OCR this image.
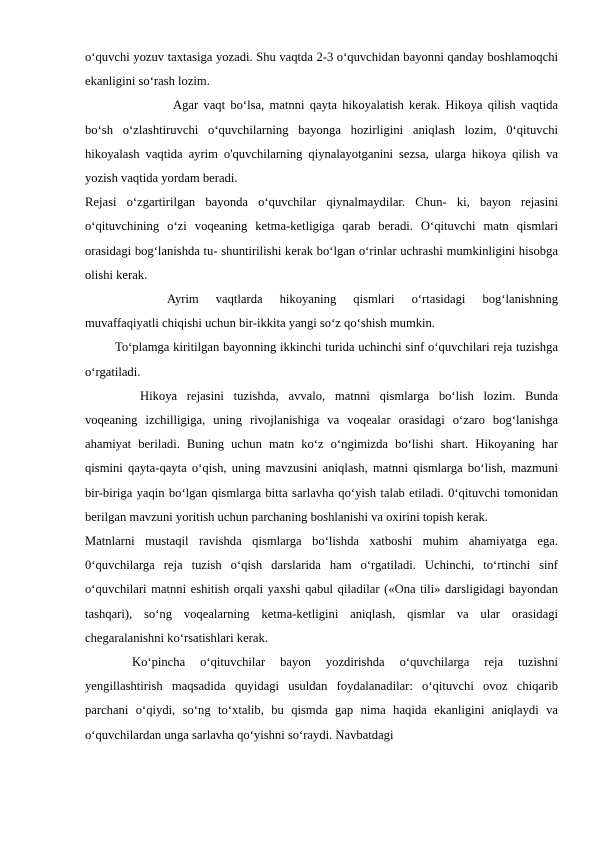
o‘quvchi yozuv taxtasiga yozadi. Shu vaqtda 2-3 o‘quvchidan bayonni qanday boshlamoqchi ekanligini so‘rash lozim.

Agar vaqt bo‘lsa, matnni qayta hikoyalatish kerak. Hikoya qilish vaqtida bo‘sh o‘zlashtiruvchi o‘quvchilarning bayonga hozirligini aniqlash lozim, 0‘qituvchi hikoyalash vaqtida ayrim o'quvchilarning qiynalayotganini sezsa, ularga hikoya qilish va yozish vaqtida yordam beradi.

Rejasi o‘zgartirilgan bayonda o‘quvchilar qiynalmaydilar. Chun- ki, bayon rejasini o‘qituvchining o‘zi voqeaning ketma-ketligiga qarab beradi. O‘qituvchi matn qismlari orasidagi bog‘lanishda tu- shuntirilishi kerak bo‘lgan o‘rinlar uchrashi mumkinligini hisobga olishi kerak.

Ayrim vaqtlarda hikoyaning qismlari o‘rtasidagi bog‘lanishning muvaffaqiyatli chiqishi uchun bir-ikkita yangi so‘z qo‘shish mumkin.

To‘plamga kiritilgan bayonning ikkinchi turida uchinchi sinf o‘quvchilari reja tuzishga o‘rgatiladi.

Hikoya rejasini tuzishda, avvalo, matnni qismlarga bo‘lish lozim. Bunda voqeaning izchilligiga, uning rivojlanishiga va voqealar orasidagi o‘zaro bog‘lanishga ahamiyat beriladi. Buning uchun matn ko‘z o‘ngimizda bo‘lishi shart. Hikoyaning har qismini qayta-qayta o‘qish, uning mavzusini aniqlash, matnni qismlarga bo‘lish, mazmuni bir-biriga yaqin bo‘lgan qismlarga bitta sarlavha qo‘yish talab etiladi. 0‘qituvchi tomonidan berilgan mavzuni yoritish uchun parchaning boshlanishi va oxirini topish kerak.

Matnlarni mustaqil ravishda qismlarga bo‘lishda xatboshi muhim ahamiyatga ega. 0‘quvchilarga reja tuzish o‘qish darslarida ham o‘rgatiladi. Uchinchi, to‘rtinchi sinf o‘quvchilari matnni eshitish orqali yaxshi qabul qiladilar («Ona tili» darsligidagi bayondan tashqari), so‘ng voqealarning ketma-ketligini aniqlash, qismlar va ular orasidagi chegaralanishni ko‘rsatishlari kerak.

Ko‘pincha o‘qituvchilar bayon yozdirishda o‘quvchilarga reja tuzishni yengillashtirish maqsadida quyidagi usuldan foydalanadilar: o‘qituvchi ovoz chiqarib parchani o‘qiydi, so‘ng to‘xtalib, bu qismda gap nima haqida ekanligini aniqlaydi va o‘quvchilardan unga sarlavha qo‘yishni so‘raydi. Navbatdagi
